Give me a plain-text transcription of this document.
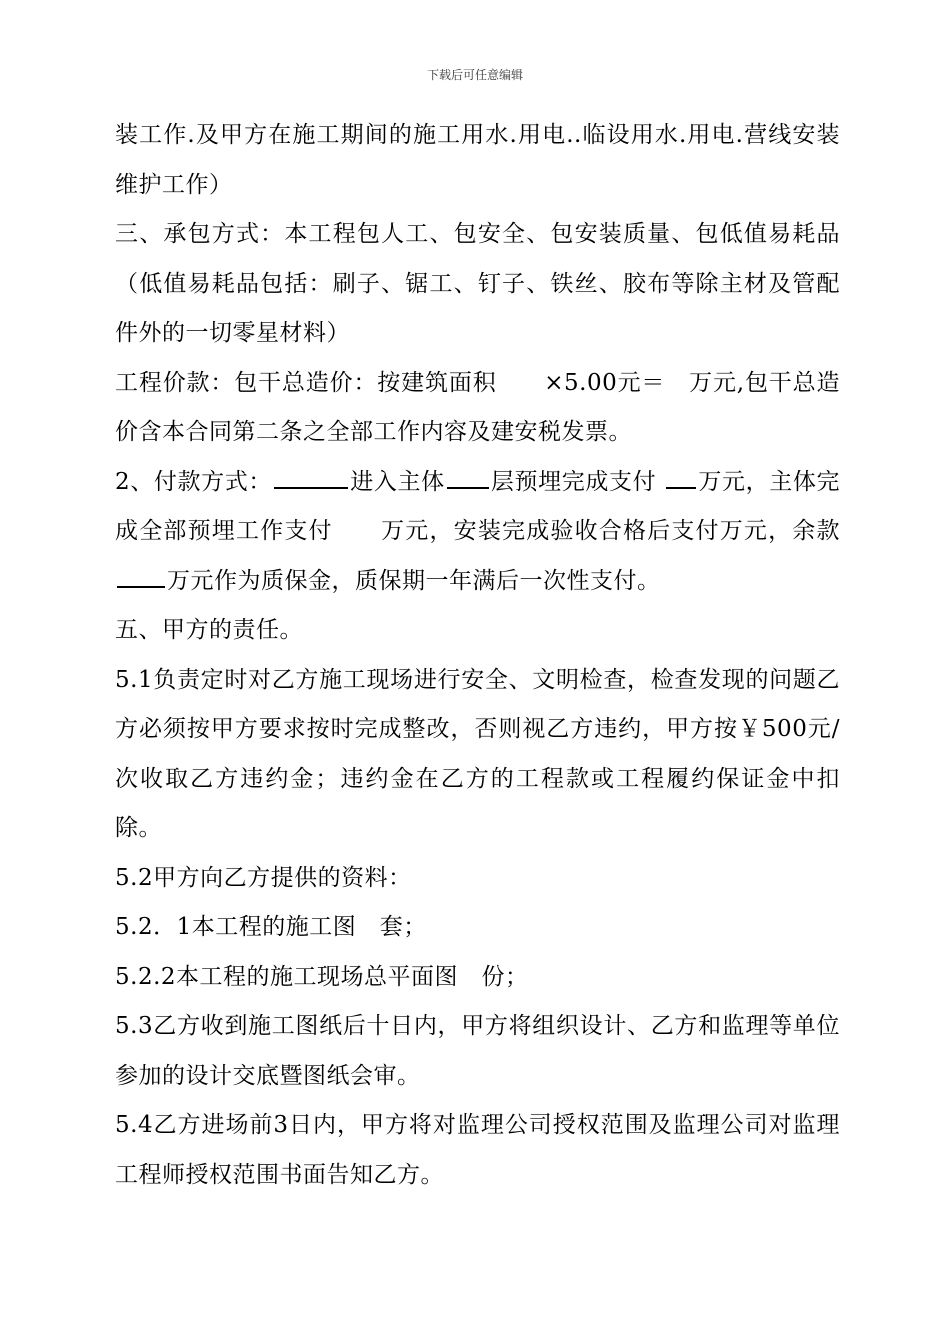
下载后可任意编辑

装工作.及甲方在施工期间的施工用水.用电..临设用水.用电.营线安装维护工作）

三、承包方式：本工程包人工、包安全、包安装质量、包低值易耗品（低值易耗品包括：刷子、锯工、钉子、铁丝、胶布等除主材及管配件外的一切零星材料）

工程价款：包干总造价：按建筑面积　　×5.00元＝　万元,包干总造价含本合同第二条之全部工作内容及建安税发票。

2、付款方式：	进入主体 层预埋完成支付 万元，主体完成全部预埋工作支付　　万元，安装完成验收合格后支付万元，余款万元作为质保金，质保期一年满后一次性支付。

五、甲方的责任。

5.1负责定时对乙方施工现场进行安全、文明检查，检查发现的问题乙方必须按甲方要求按时完成整改，否则视乙方违约，甲方按￥500元/次收取乙方违约金；违约金在乙方的工程款或工程履约保证金中扣除。

5.2甲方向乙方提供的资料：

5.2．1本工程的施工图　套；

5.2.2本工程的施工现场总平面图　份；

5.3乙方收到施工图纸后十日内，甲方将组织设计、乙方和监理等单位参加的设计交底暨图纸会审。

5.4乙方进场前3日内，甲方将对监理公司授权范围及监理公司对监理工程师授权范围书面告知乙方。
